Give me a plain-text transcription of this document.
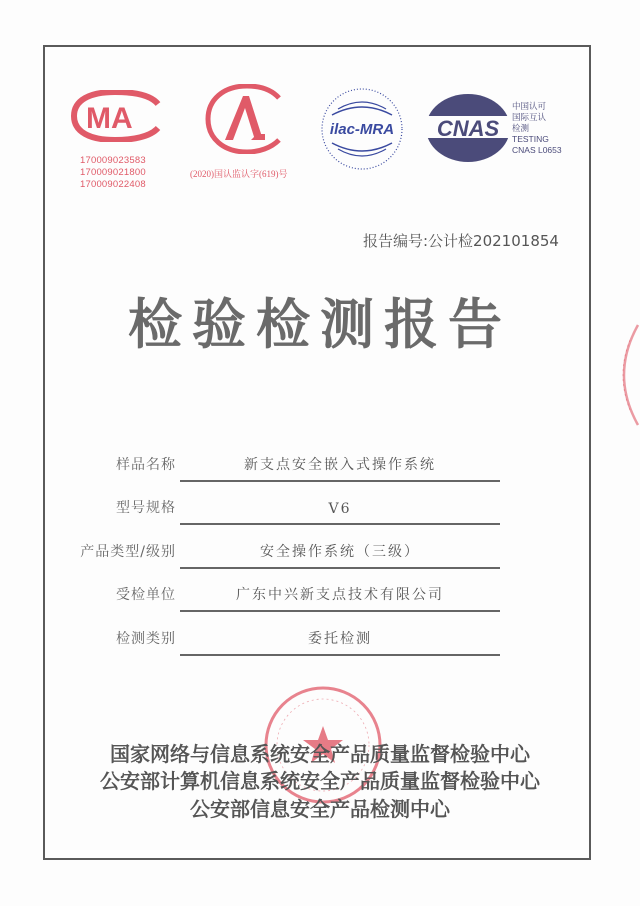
MA
170009023583
170009021800
170009022408
(2020)国认监认字(619)号
ilac-MRA CNAS
中国认可
国际互认
检测
TESTING
CNAS L0653
报告编号:公计检202101854
检验检测报告
样品名称	新支点安全嵌入式操作系统
型号规格	V6
产品类型/级别	安全操作系统（三级）
受检单位	广东中兴新支点技术有限公司
检测类别	委托检测
国家网络与信息系统安全产品质量监督检验中心
公安部计算机信息系统安全产品质量监督检验中心
公安部信息安全产品检测中心
